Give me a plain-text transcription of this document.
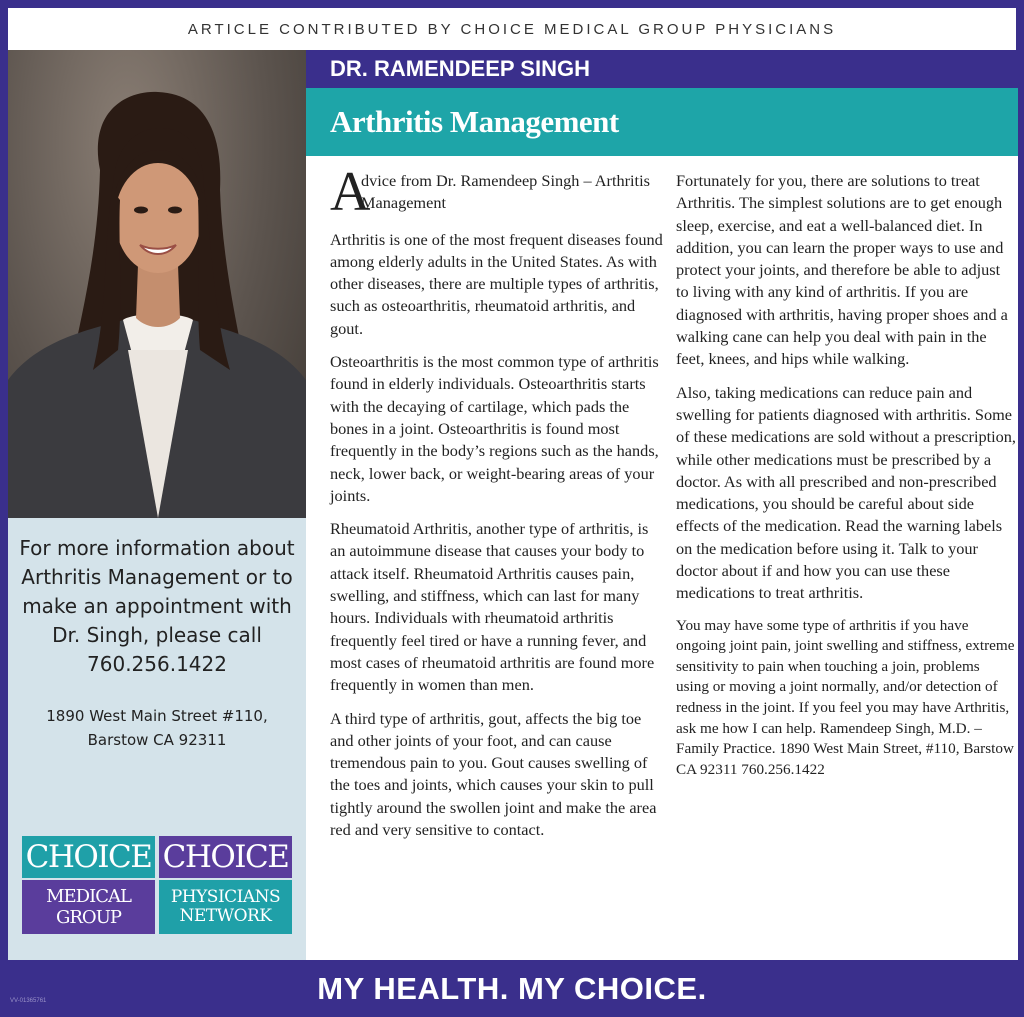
ARTICLE CONTRIBUTED BY CHOICE MEDICAL GROUP PHYSICIANS
For more information about Arthritis Management or to make an appointment with Dr. Singh, please call 760.256.1422
1890 West Main Street #110, Barstow CA 92311
CHOICE CHOICE
MEDICAL GROUP
PHYSICIANS NETWORK
DR. RAMENDEEP SINGH
Arthritis Management
A
dvice from Dr. Ramendeep Singh – Arthritis Management

Arthritis is one of the most frequent diseases found among elderly adults in the United States. As with other diseases, there are multiple types of arthritis, such as osteoarthritis, rheumatoid arthritis, and gout.

Osteoarthritis is the most common type of arthritis found in elderly individuals. Osteoarthritis starts with the decaying of cartilage, which pads the bones in a joint. Osteoarthritis is found most frequently in the body’s regions such as the hands, neck, lower back, or weight-bearing areas of your joints.

Rheumatoid Arthritis, another type of arthritis, is an autoimmune disease that causes your body to attack itself. Rheumatoid Arthritis causes pain, swelling, and stiffness, which can last for many hours. Individuals with rheumatoid arthritis frequently feel tired or have a running fever, and most cases of rheumatoid arthritis are found more frequently in women than men.

A third type of arthritis, gout, affects the big toe and other joints of your foot, and can cause tremendous pain to you. Gout causes swelling of the toes and joints, which causes your skin to pull tightly around the swollen joint and make the area red and very sensitive to contact.

Fortunately for you, there are solutions to treat Arthritis. The simplest solutions are to get enough sleep, exercise, and eat a well-balanced diet. In addition, you can learn the proper ways to use and protect your joints, and therefore be able to adjust to living with any kind of arthritis. If you are diagnosed with arthritis, having proper shoes and a walking cane can help you deal with pain in the feet, knees, and hips while walking.

Also, taking medications can reduce pain and swelling for patients diagnosed with arthritis. Some of these medications are sold without a prescription, while other medications must be prescribed by a doctor. As with all prescribed and non-prescribed medications, you should be careful about side effects of the medication. Read the warning labels on the medication before using it. Talk to your doctor about if and how you can use these medications to treat arthritis.

You may have some type of arthritis if you have ongoing joint pain, joint swelling and stiffness, extreme sensitivity to pain when touching a join, problems using or moving a joint normally, and/or detection of redness in the joint. If you feel you may have Arthritis, ask me how I can help. Ramendeep Singh, M.D. – Family Practice. 1890 West Main Street, #110, Barstow CA 92311 760.256.1422

MY HEALTH. MY CHOICE.
VV-01365761
